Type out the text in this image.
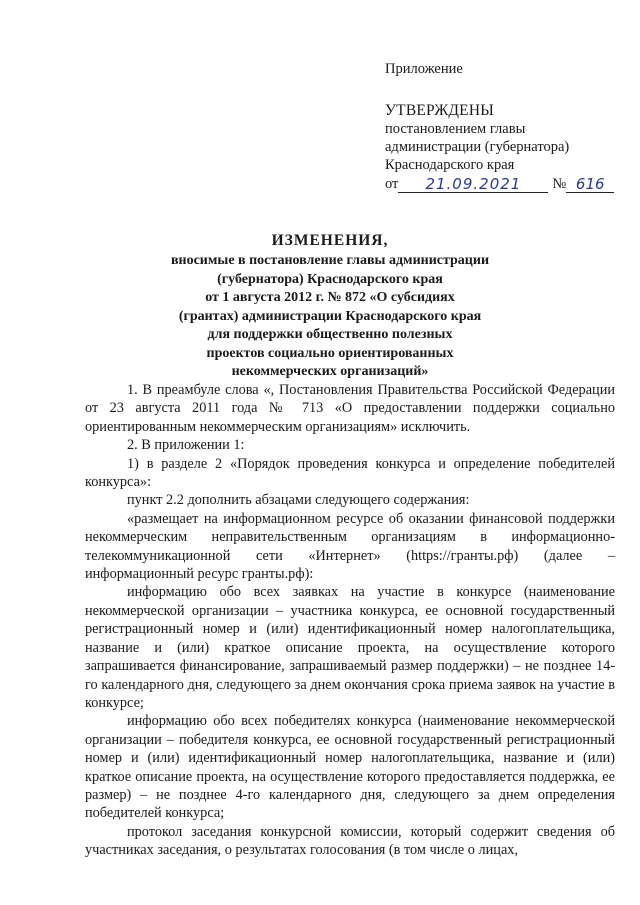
Приложение
УТВЕРЖДЕНЫ
постановлением главы
администрации (губернатора)
Краснодарского края
от	21.09.2021	№ 616
ИЗМЕНЕНИЯ,
вносимые в постановление главы администрации
(губернатора) Краснодарского края
от 1 августа 2012 г. № 872 «О субсидиях
(грантах) администрации Краснодарского края
для поддержки общественно полезных
проектов социально ориентированных
некоммерческих организаций»

1. В преамбуле слова «, Постановления Правительства Российской Федерации от 23 августа 2011 года № 713 «О предоставлении поддержки социально ориентированным некоммерческим организациям» исключить.

2. В приложении 1:

1) в разделе 2 «Порядок проведения конкурса и определение победителей конкурса»:

пункт 2.2 дополнить абзацами следующего содержания:

«размещает на информационном ресурсе об оказании финансовой поддержки некоммерческим неправительственным организациям в информационно-телекоммуникационной сети «Интернет» (https://гранты.рф) (далее – информационный ресурс гранты.рф):

информацию обо всех заявках на участие в конкурсе (наименование некоммерческой организации – участника конкурса, ее основной государственный регистрационный номер и (или) идентификационный номер налогоплательщика, название и (или) краткое описание проекта, на осуществление которого запрашивается финансирование, запрашиваемый размер поддержки) – не позднее 14-го календарного дня, следующего за днем окончания срока приема заявок на участие в конкурсе;

информацию обо всех победителях конкурса (наименование некоммерческой организации – победителя конкурса, ее основной государственный регистрационный номер и (или) идентификационный номер налогоплательщика, название и (или) краткое описание проекта, на осуществление которого предоставляется поддержка, ее размер) – не позднее 4-го календарного дня, следующего за днем определения победителей конкурса;

протокол заседания конкурсной комиссии, который содержит сведения об участниках заседания, о результатах голосования (в том числе о лицах,
